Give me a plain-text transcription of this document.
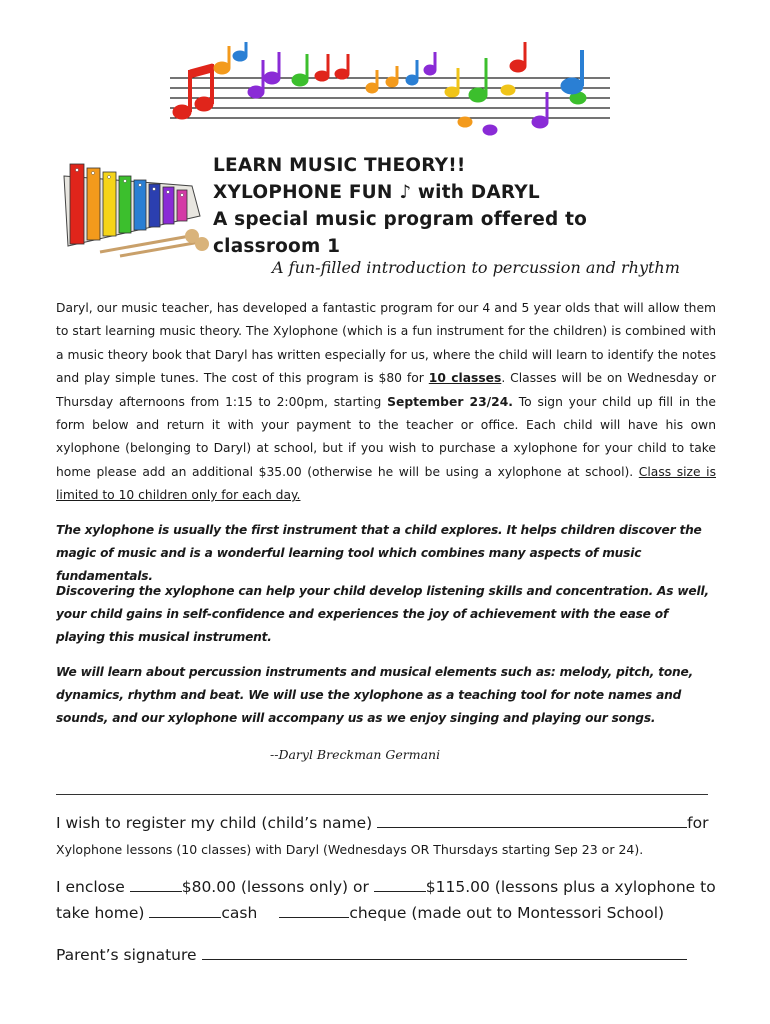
LEARN MUSIC THEORY!!
XYLOPHONE FUN ♪ with DARYL
A special music program offered to
classroom 1
A fun-filled introduction to percussion and rhythm

Daryl, our music teacher, has developed a fantastic program for our 4 and 5 year olds that will allow them to start learning music theory. The Xylophone (which is a fun instrument for the children) is combined with a music theory book that Daryl has written especially for us, where the child will learn to identify the notes and play simple tunes. The cost of this program is $80 for 10 classes. Classes will be on Wednesday or Thursday afternoons from 1:15 to 2:00pm, starting September 23/24. To sign your child up fill in the form below and return it with your payment to the teacher or office. Each child will have his own xylophone (belonging to Daryl) at school, but if you wish to purchase a xylophone for your child to take home please add an additional $35.00 (otherwise he will be using a xylophone at school). Class size is limited to 10 children only for each day.

The xylophone is usually the first instrument that a child explores. It helps children discover the magic of music and is a wonderful learning tool which combines many aspects of music fundamentals.

Discovering the xylophone can help your child develop listening skills and concentration. As well, your child gains in self-confidence and experiences the joy of achievement with the ease of playing this musical instrument.

We will learn about percussion instruments and musical elements such as: melody, pitch, tone, dynamics, rhythm and beat. We will use the xylophone as a teaching tool for note names and sounds, and our xylophone will accompany us as we enjoy singing and playing our songs.

--Daryl Breckman Germani
I wish to register my child (child’s name)	for
Xylophone lessons (10 classes) with Daryl (Wednesdays OR Thursdays starting Sep 23 or 24).
I enclose	$80.00 (lessons only) or	$115.00 (lessons plus a xylophone to
take home)	cash	cheque (made out to Montessori School)
Parent’s signature
